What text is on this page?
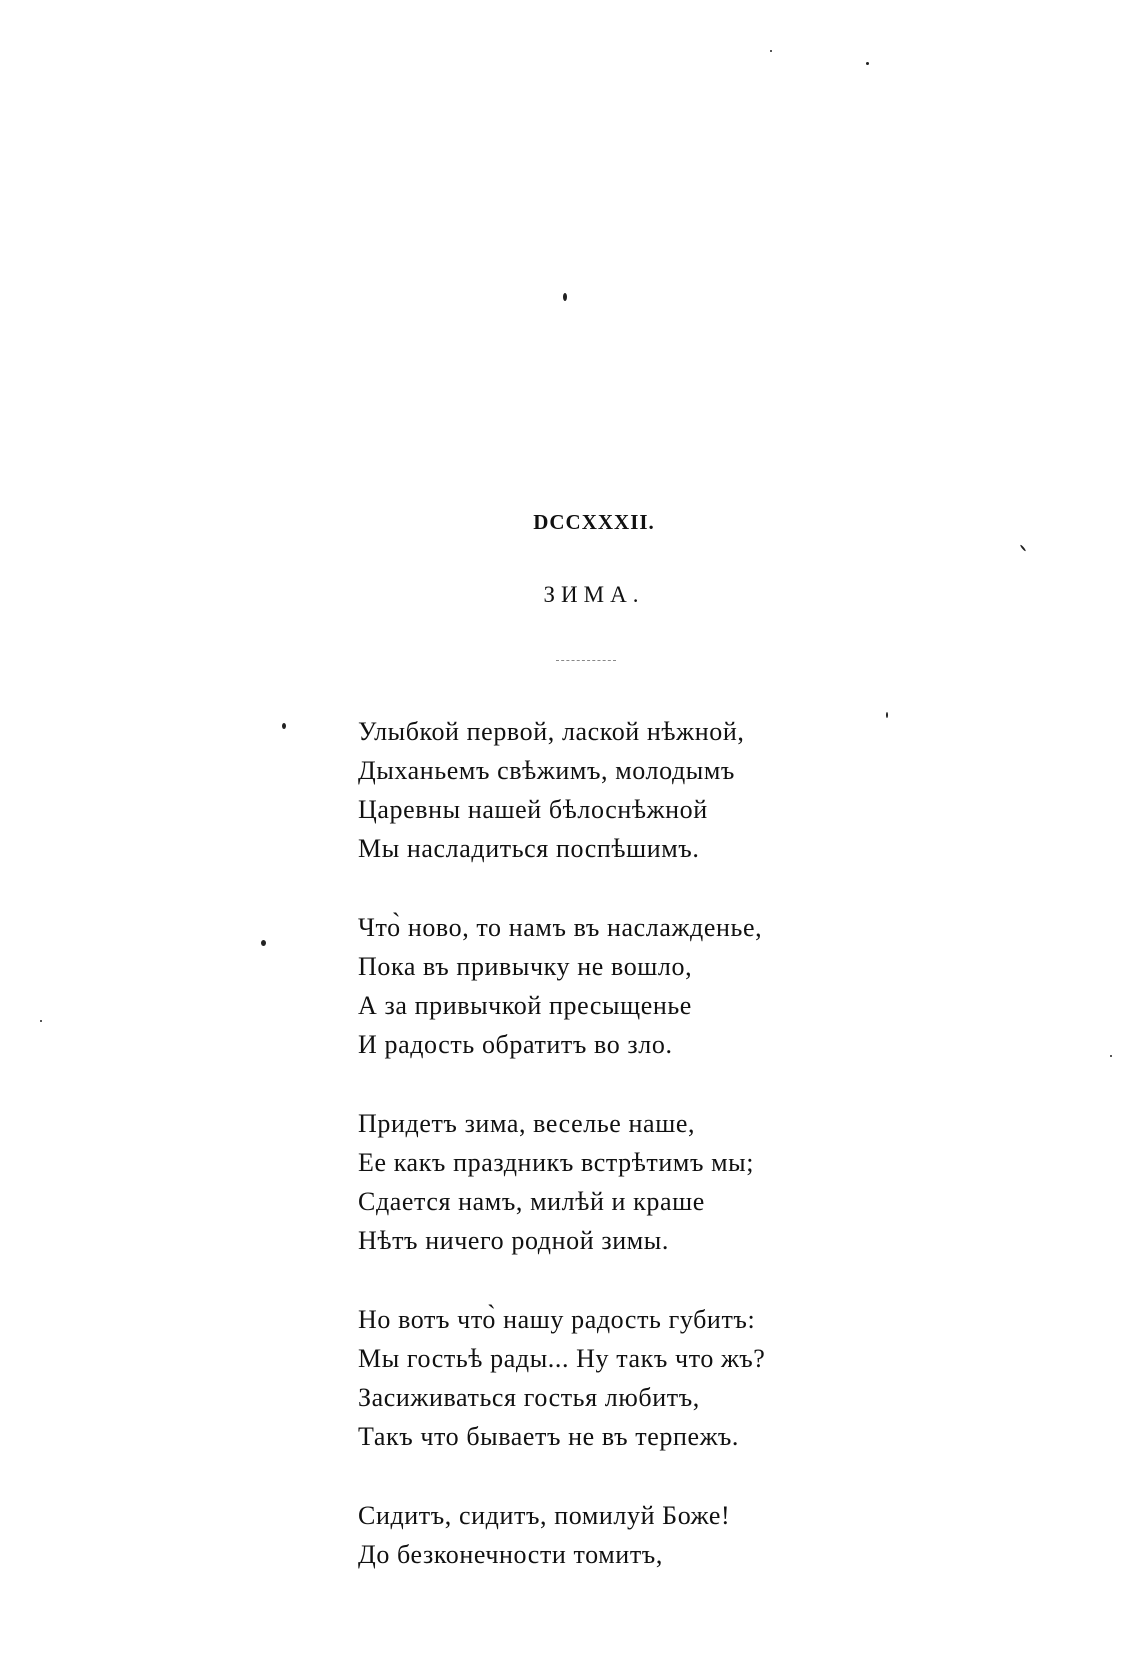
DCCXXXII.
ЗИМА.
Улыбкой первой, лаской нѣжной,
Дыханьемъ свѣжимъ, молодымъ
Царевны нашей бѣлоснѣжной
Мы насладиться поспѣшимъ.
Что̀ ново, то намъ въ наслажденье,
Пока въ привычку не вошло,
А за привычкой пресыщенье
И радость обратитъ во зло.
Придетъ зима, веселье наше,
Ее какъ праздникъ встрѣтимъ мы;
Сдается намъ, милѣй и краше
Нѣтъ ничего родной зимы.
Но вотъ что̀ нашу радость губитъ:
Мы гостьѣ рады... Ну такъ что жъ?
Засиживаться гостья любитъ,
Такъ что бываетъ не въ терпежъ.
Сидитъ, сидитъ, помилуй Боже!
До безконечности томитъ,
